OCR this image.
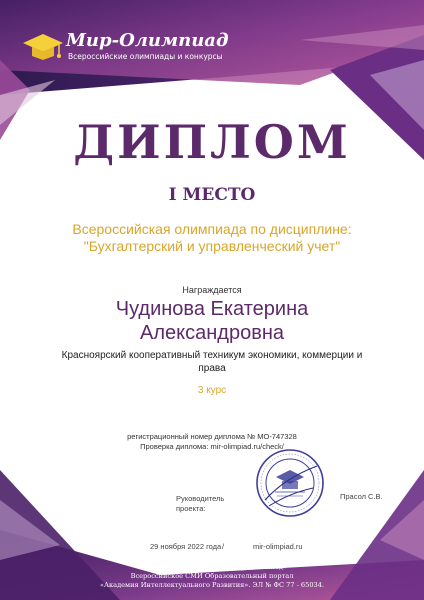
Мир-Олимпиад
Всероссийские олимпиады и конкурсы
ДИПЛОМ
I МЕСТО
Всероссийская олимпиада по дисциплине:
"Бухгалтерский и управленческий учет"
Награждается
Чудинова Екатерина
Александровна
Красноярский кооперативный техникум экономики, коммерции и права
3 курс
регистрационный номер диплома № МО-747328
Проверка диплома: mir-olimpiad.ru/check/
Руководитель проекта:
Прасол С.В.
29 ноября 2022 года /	mir-olimpiad.ru
"Организатор конкурсов «Мир Олимпиад»
Всероссийское СМИ Образовательный портал
«Академия Интеллектуального Развития». ЭЛ № ФС 77 - 65034.
